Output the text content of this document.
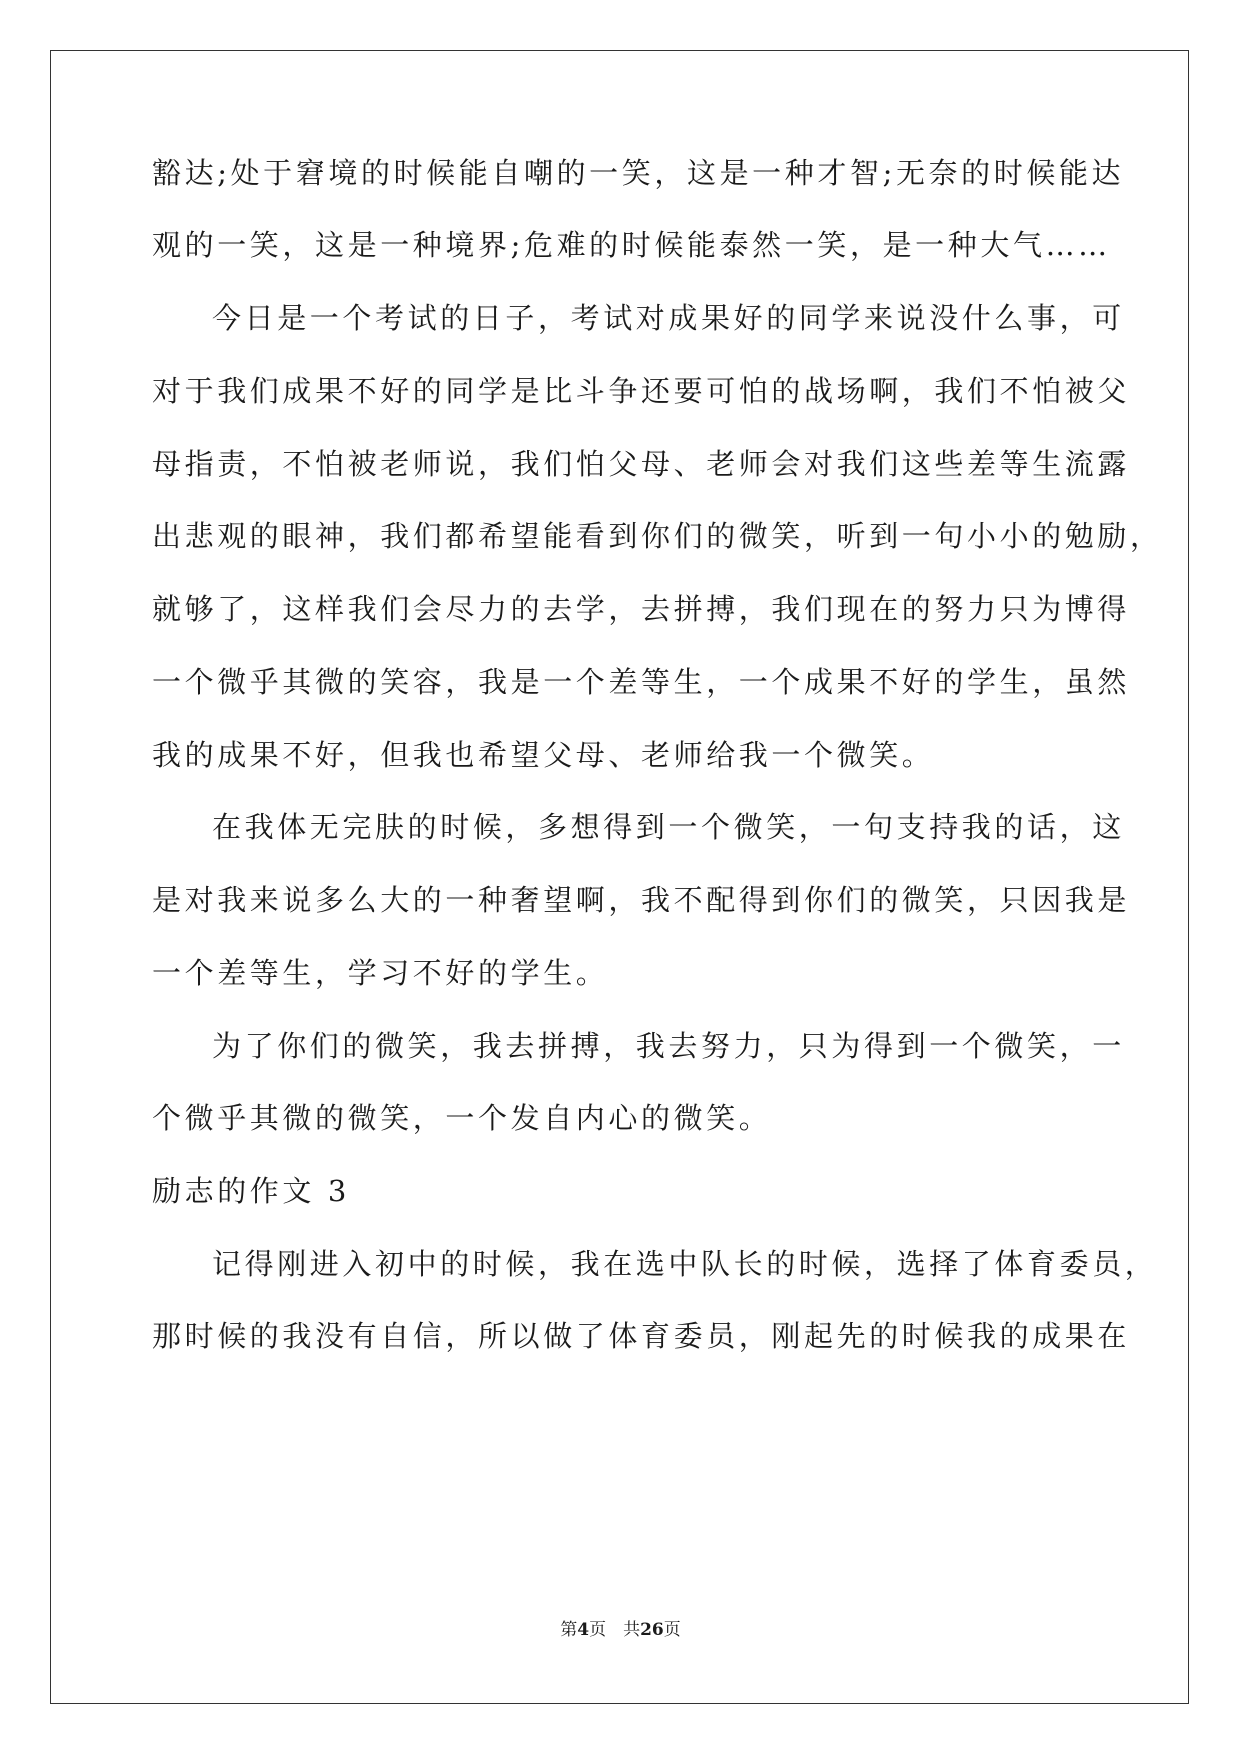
豁达;处于窘境的时候能自嘲的一笑，这是一种才智;无奈的时候能达
观的一笑，这是一种境界;危难的时候能泰然一笑，是一种大气……
今日是一个考试的日子，考试对成果好的同学来说没什么事，可
对于我们成果不好的同学是比斗争还要可怕的战场啊，我们不怕被父
母指责，不怕被老师说，我们怕父母、老师会对我们这些差等生流露
出悲观的眼神，我们都希望能看到你们的微笑，听到一句小小的勉励，
就够了，这样我们会尽力的去学，去拼搏，我们现在的努力只为博得
一个微乎其微的笑容，我是一个差等生，一个成果不好的学生，虽然
我的成果不好，但我也希望父母、老师给我一个微笑。
在我体无完肤的时候，多想得到一个微笑，一句支持我的话，这
是对我来说多么大的一种奢望啊，我不配得到你们的微笑，只因我是
一个差等生，学习不好的学生。
为了你们的微笑，我去拼搏，我去努力，只为得到一个微笑，一
个微乎其微的微笑，一个发自内心的微笑。
励志的作文 3
记得刚进入初中的时候，我在选中队长的时候，选择了体育委员，
那时候的我没有自信，所以做了体育委员，刚起先的时候我的成果在
第4页　共26页
